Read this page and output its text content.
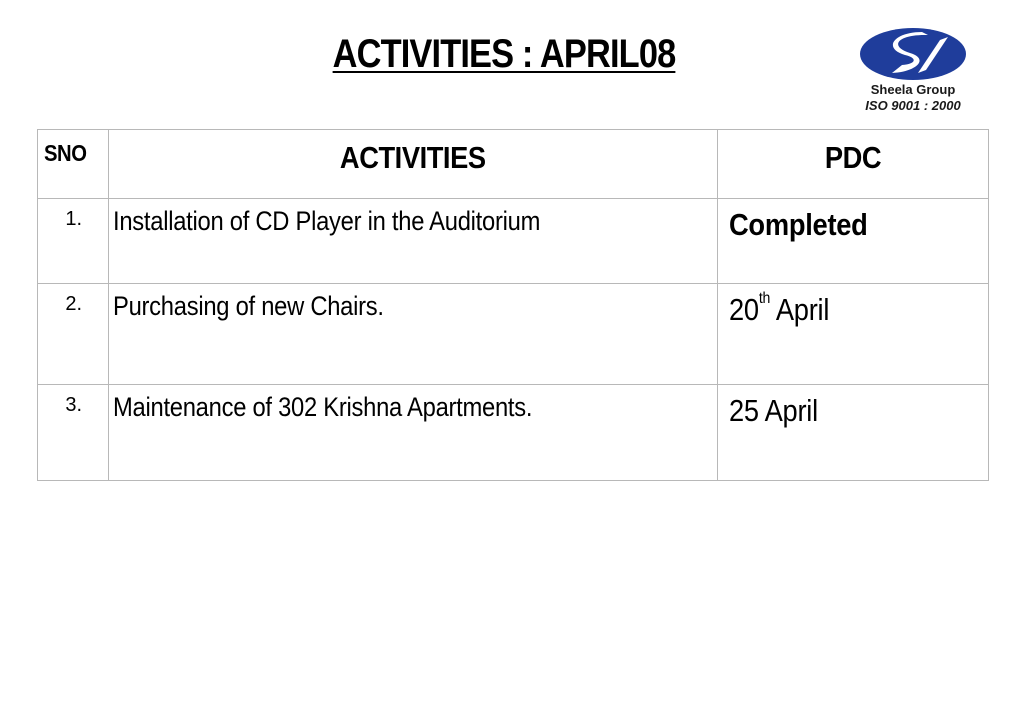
ACTIVITIES : APRIL08
Sheela Group
ISO 9001 : 2000
SNO	ACTIVITIES	PDC
1.	Installation of CD Player in the Auditorium	Completed
2.	Purchasing of new Chairs.	20th April
3.	Maintenance of 302 Krishna Apartments.	25 April
